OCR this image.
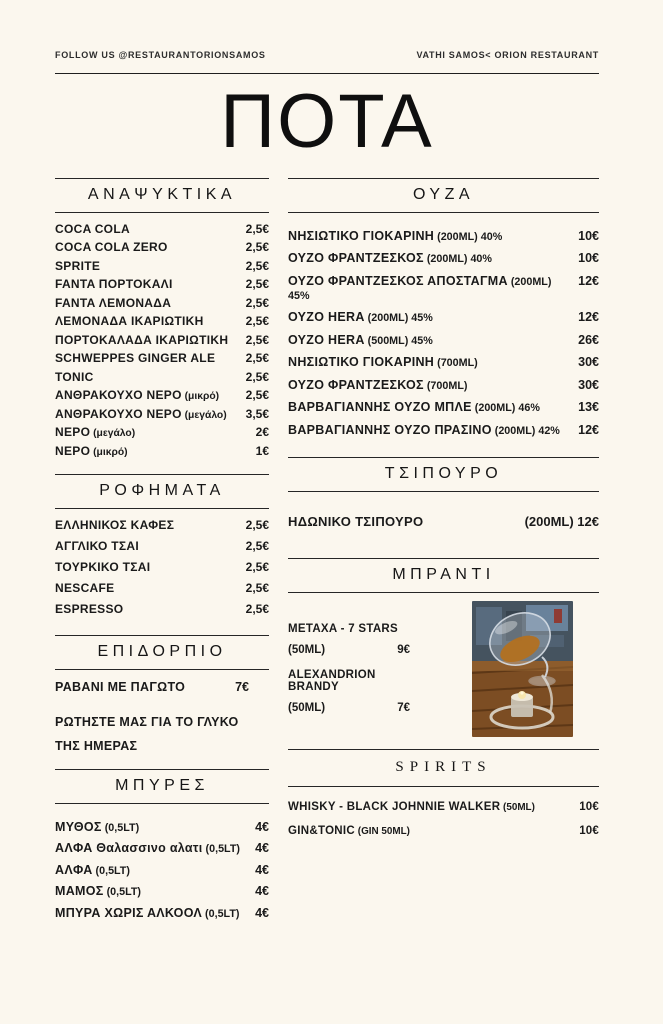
FOLLOW US @RESTAURANTORIONSAMOS	VATHI SAMOS< ORION RESTAURANT
ΠΟΤΑ
ΑΝΑΨΥΚΤΙΚΑ
COCA COLA	2,5€
COCA COLA ZERO	2,5€
SPRITE	2,5€
FANTA ΠΟΡΤΟΚΑΛΙ	2,5€
FANTA ΛΕΜΟΝΑΔΑ	2,5€
ΛΕΜΟΝΑΔΑ ΙΚΑΡΙΩΤΙΚΗ	2,5€
ΠΟΡΤΟΚΑΛΑΔΑ ΙΚΑΡΙΩΤΙΚΗ	2,5€
SCHWEPPES GINGER ALE	2,5€
TONIC	2,5€
ΑΝΘΡΑΚΟΥΧΟ ΝΕΡΟ (μικρό)	2,5€
ΑΝΘΡΑΚΟΥΧΟ ΝΕΡΟ (μεγάλο)	3,5€
ΝΕΡΟ (μεγάλο)	2€
ΝΕΡΟ (μικρό)	1€
ΡΟΦΗΜΑΤΑ
ΕΛΛΗΝΙΚΟΣ ΚΑΦΕΣ	2,5€
ΑΓΓΛΙΚΟ ΤΣΑΙ	2,5€
ΤΟΥΡΚΙΚΟ ΤΣΑΙ	2,5€
NESCAFE	2,5€
ESPRESSO	2,5€
ΕΠΙΔΟΡΠΙΟ
ΡΑΒΑΝΙ ΜΕ ΠΑΓΩΤΟ	7€
ΡΩΤΗΣΤΕ ΜΑΣ ΓΙΑ ΤΟ ΓΛΥΚΟ ΤΗΣ ΗΜΕΡΑΣ
ΜΠΥΡΕΣ
ΜΥΘΟΣ (0,5LT)	4€
ΑΛΦΑ Θαλασσινο αλατι (0,5LT)	4€
ΑΛΦΑ (0,5LT)	4€
ΜΑΜΟΣ (0,5LT)	4€
ΜΠΥΡΑ ΧΩΡΙΣ ΑΛΚΟΟΛ (0,5LT)	4€
ΟΥΖΑ
ΝΗΣΙΩΤΙΚΟ ΓΙΟΚΑΡΙΝΗ (200ML) 40%	10€
ΟΥΖΟ ΦΡΑΝΤΖΕΣΚΟΣ (200ML) 40%	10€
ΟΥΖΟ ΦΡΑΝΤΖΕΣΚΟΣ ΑΠΟΣΤΑΓΜΑ (200ML) 45%
12€
ΟΥΖΟ HERA (200ML) 45%	12€
ΟΥΖΟ HERA (500ML) 45%	26€
ΝΗΣΙΩΤΙΚΟ ΓΙΟΚΑΡΙΝΗ (700ML)	30€
ΟΥΖΟ ΦΡΑΝΤΖΕΣΚΟΣ (700ML)	30€
ΒΑΡΒΑΓΙΑΝΝΗΣ ΟΥΖΟ ΜΠΛΕ (200ML) 46%	13€
ΒΑΡΒΑΓΙΑΝΝΗΣ ΟΥΖΟ ΠΡΑΣΙΝΟ (200ML) 42%	12€
ΤΣΙΠΟΥΡΟ
ΗΔΩΝΙΚΟ ΤΣΙΠΟΥΡΟ	(200ML) 12€
ΜΠΡΑΝΤΙ
METAXA - 7 STARS
(50ML)	9€
ALEXANDRION BRANDY
(50ML)	7€
SPIRITS
WHISKY - BLACK JOHNNIE WALKER (50ML)	10€
GIN&TONIC (GIN 50ML)	10€
